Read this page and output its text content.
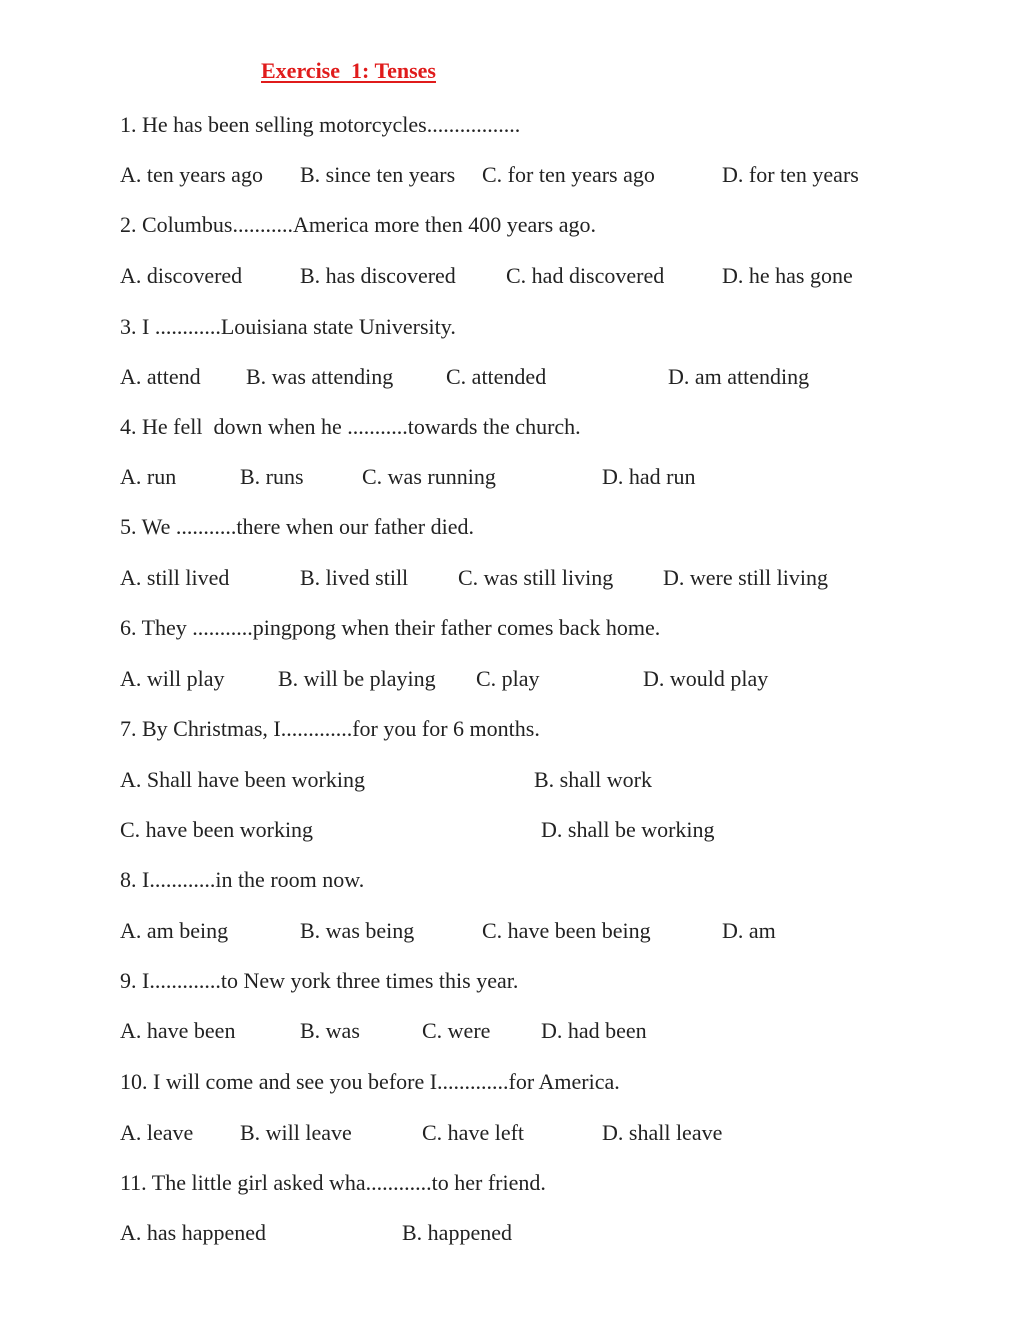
Exercise  1: Tenses
1. He has been selling motorcycles.................
A. ten years ago B. since ten years C. for ten years ago	D. for ten years
2. Columbus...........America more then 400 years ago.
A. discovered	B. has discovered C. had discovered	D. he has gone
3. I ............Louisiana state University.
A. attend B. was attending C. attended	D. am attending
4. He fell  down when he ...........towards the church.
A. run	B. runs	C. was running	D. had run
5. We ...........there when our father died.
A. still lived	B. lived still C. was still living D. were still living
6. They ...........pingpong when their father comes back home.
A. will play B. will be playing C. play	D. would play
7. By Christmas, I.............for you for 6 months.
A. Shall have been working	B. shall work
C. have been working	D. shall be working
8. I............in the room now.
A. am being	B. was being	C. have been being	D. am
9. I.............to New york three times this year.
A. have been	B. was	C. were D. had been
10. I will come and see you before I.............for America.
A. leave B. will leave	C. have left	D. shall leave
11. The little girl asked wha............to her friend.
A. has happened	B. happened
